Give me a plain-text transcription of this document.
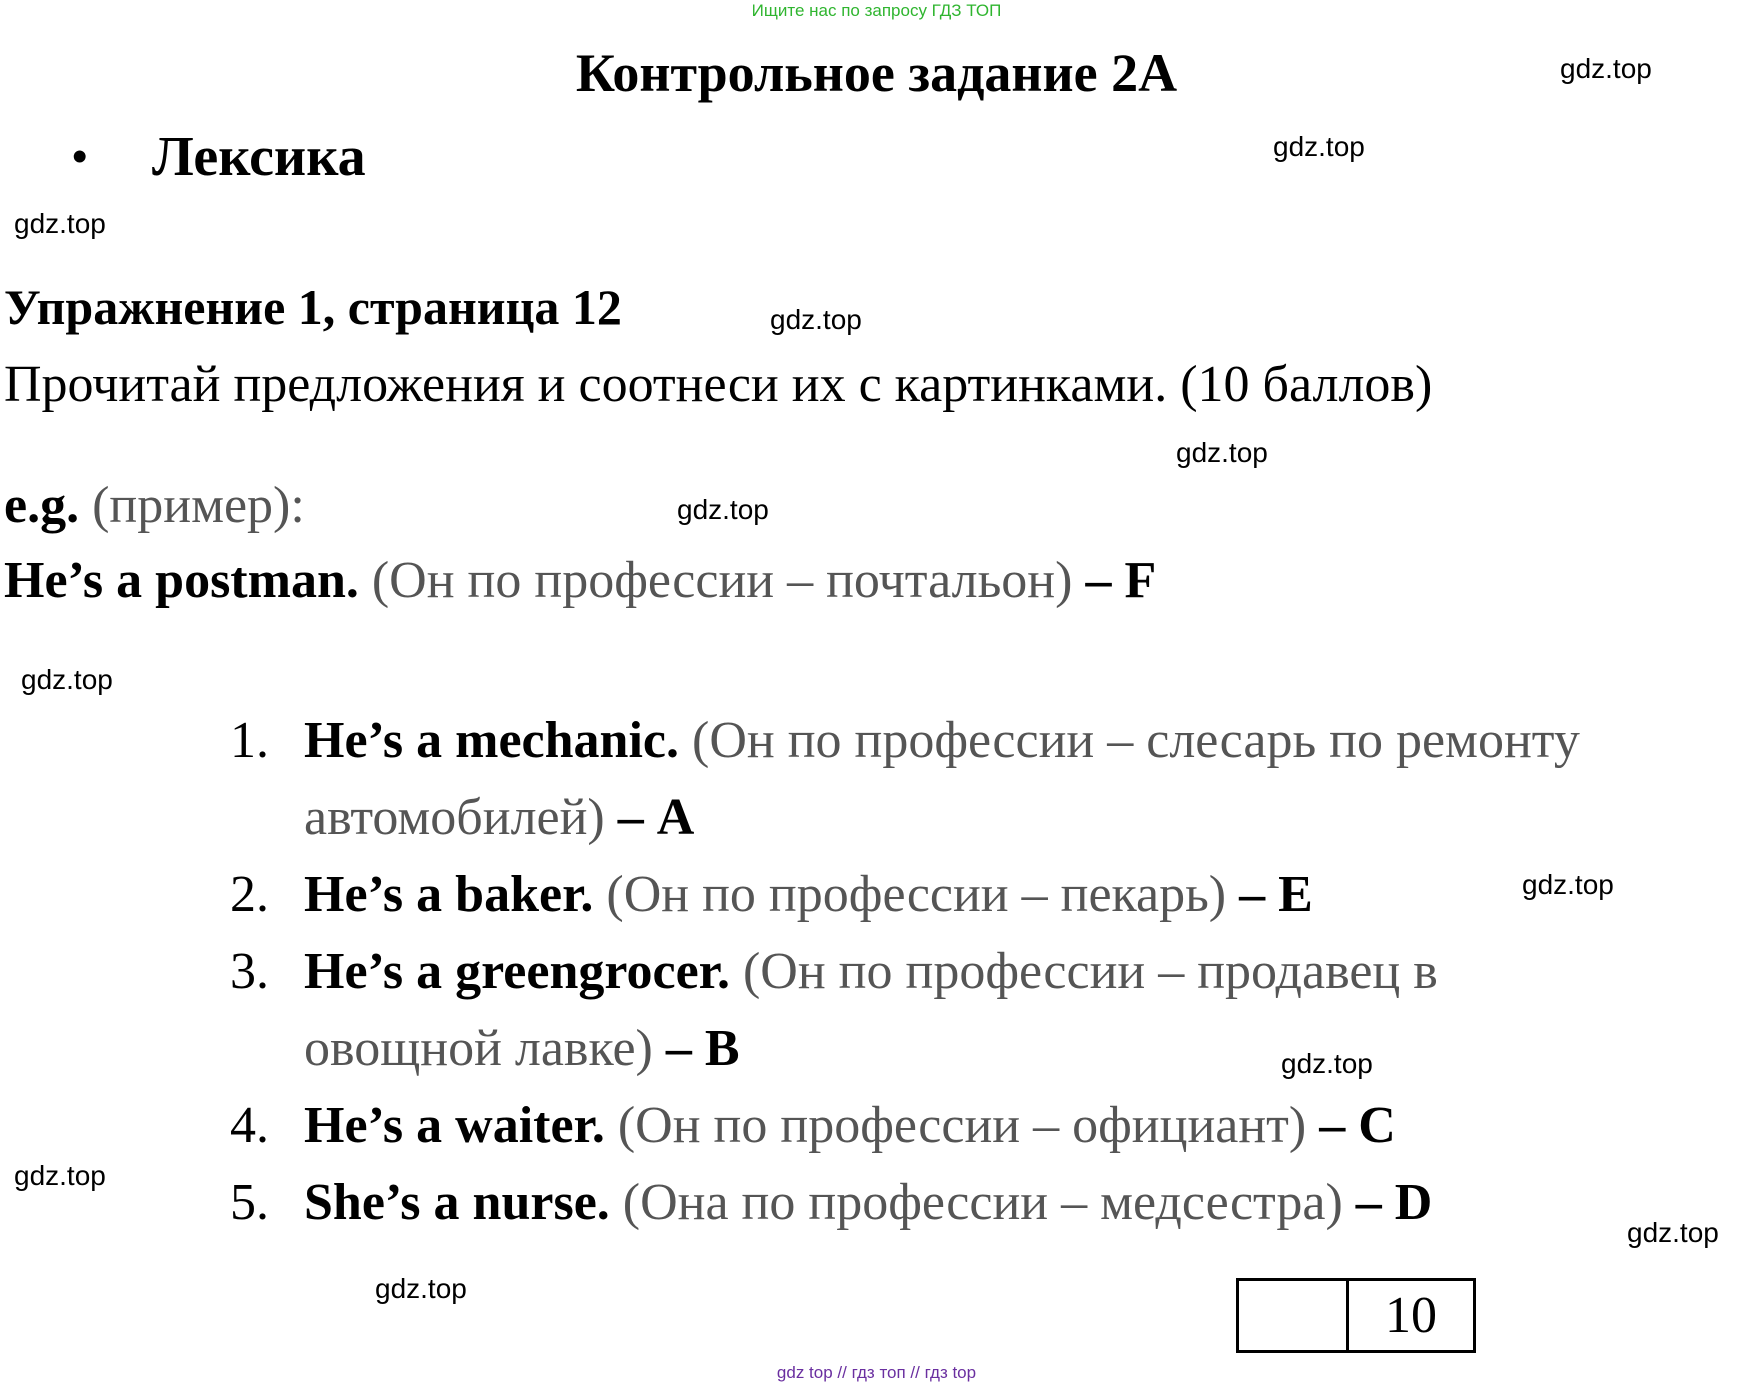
Ищите нас по запросу ГДЗ ТОП
Контрольное задание 2А
• Лексика
gdz.top
gdz.top
gdz.top
gdz.top
gdz.top
gdz.top
gdz.top
gdz.top
gdz.top
gdz.top
gdz.top
gdz.top
Упражнение 1, страница 12
Прочитай предложения и соотнеси их с картинками. (10 баллов)
e.g. (пример):
He’s a postman. (Он по профессии – почтальон) – F
1. He’s a mechanic. (Он по профессии – слесарь по ремонту
автомобилей) – A
2. He’s a baker. (Он по профессии – пекарь) – E
3. He’s a greengrocer. (Он по профессии – продавец в
овощной лавке) – B
4. He’s a waiter. (Он по профессии – официант) – C
5. She’s a nurse. (Она по профессии – медсестра) – D
10
gdz top // гдз топ // гдз top
